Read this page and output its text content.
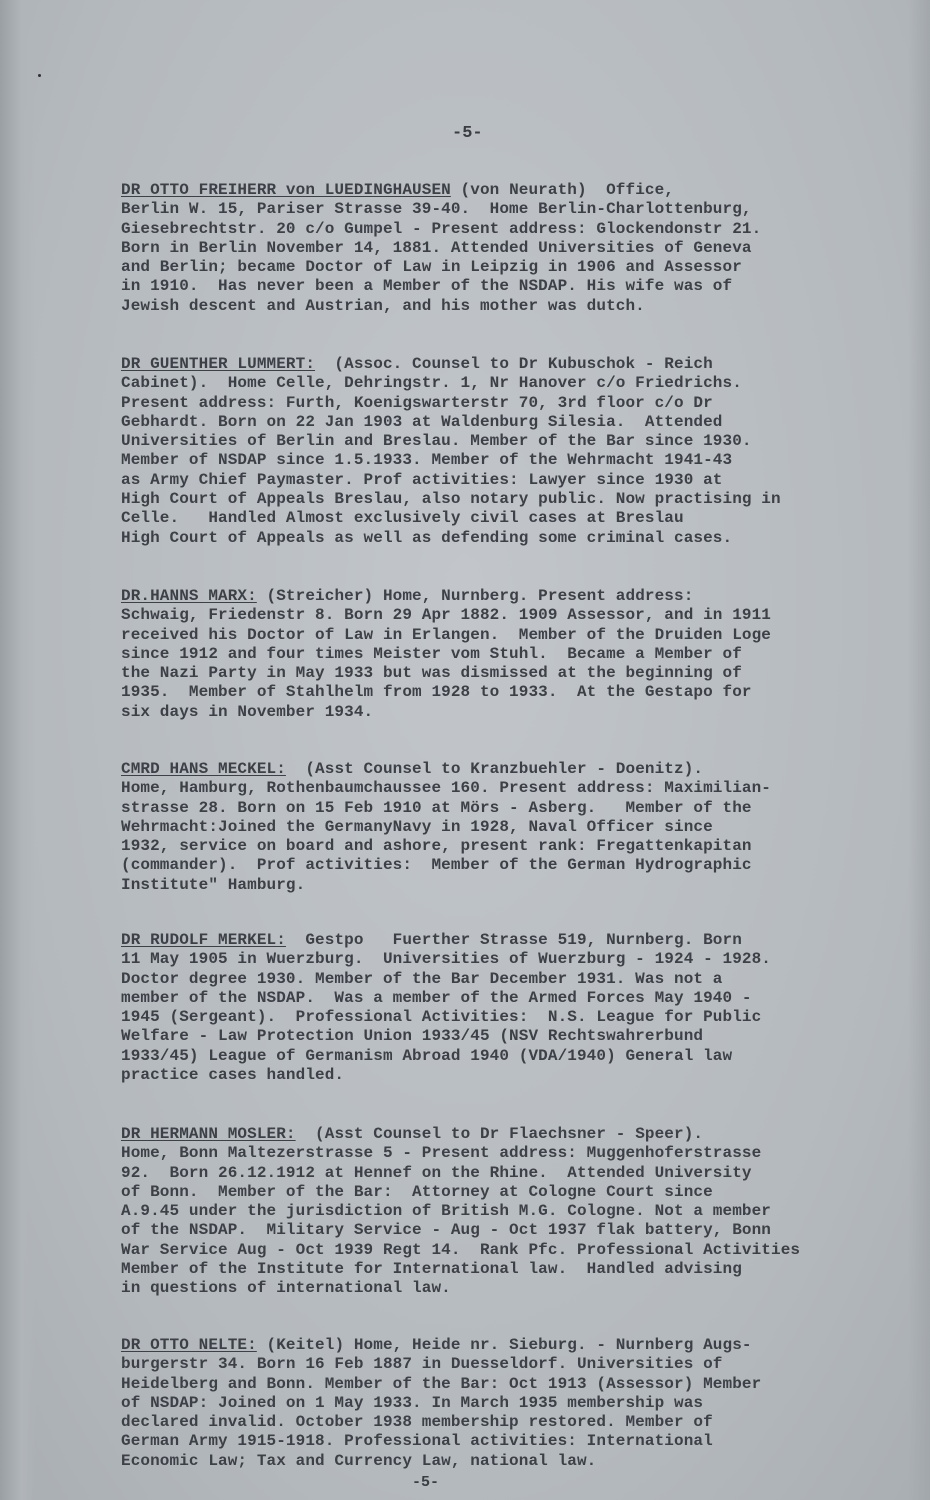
-5-
DR OTTO FREIHERR von LUEDINGHAUSEN (von Neurath)  Office,
Berlin W. 15, Pariser Strasse 39-40.  Home Berlin-Charlottenburg,
Giesebrechtstr. 20 c/o Gumpel - Present address: Glockendonstr 21.
Born in Berlin November 14, 1881. Attended Universities of Geneva
and Berlin; became Doctor of Law in Leipzig in 1906 and Assessor
in 1910.  Has never been a Member of the NSDAP. His wife was of
Jewish descent and Austrian, and his mother was dutch.
DR GUENTHER LUMMERT:  (Assoc. Counsel to Dr Kubuschok - Reich
Cabinet).  Home Celle, Dehringstr. 1, Nr Hanover c/o Friedrichs.
Present address: Furth, Koenigswarterstr 70, 3rd floor c/o Dr
Gebhardt. Born on 22 Jan 1903 at Waldenburg Silesia.  Attended
Universities of Berlin and Breslau. Member of the Bar since 1930.
Member of NSDAP since 1.5.1933. Member of the Wehrmacht 1941-43
as Army Chief Paymaster. Prof activities: Lawyer since 1930 at
High Court of Appeals Breslau, also notary public. Now practising in
Celle.   Handled Almost exclusively civil cases at Breslau
High Court of Appeals as well as defending some criminal cases.
DR.HANNS MARX: (Streicher) Home, Nurnberg. Present address:
Schwaig, Friedenstr 8. Born 29 Apr 1882. 1909 Assessor, and in 1911
received his Doctor of Law in Erlangen.  Member of the Druiden Loge
since 1912 and four times Meister vom Stuhl.  Became a Member of
the Nazi Party in May 1933 but was dismissed at the beginning of
1935.  Member of Stahlhelm from 1928 to 1933.  At the Gestapo for
six days in November 1934.
CMRD HANS MECKEL:  (Asst Counsel to Kranzbuehler - Doenitz).
Home, Hamburg, Rothenbaumchaussee 160. Present address: Maximilian-
strasse 28. Born on 15 Feb 1910 at Mörs - Asberg.   Member of the
Wehrmacht:Joined the GermanyNavy in 1928, Naval Officer since
1932, service on board and ashore, present rank: Fregattenkapitan
(commander).  Prof activities:  Member of the German Hydrographic
Institute" Hamburg.
DR RUDOLF MERKEL:  Gestpo   Fuerther Strasse 519, Nurnberg. Born
11 May 1905 in Wuerzburg.  Universities of Wuerzburg - 1924 - 1928.
Doctor degree 1930. Member of the Bar December 1931. Was not a
member of the NSDAP.  Was a member of the Armed Forces May 1940 -
1945 (Sergeant).  Professional Activities:  N.S. League for Public
Welfare - Law Protection Union 1933/45 (NSV Rechtswahrerbund
1933/45) League of Germanism Abroad 1940 (VDA/1940) General law
practice cases handled.
DR HERMANN MOSLER:  (Asst Counsel to Dr Flaechsner - Speer).
Home, Bonn Maltezerstrasse 5 - Present address: Muggenhoferstrasse
92.  Born 26.12.1912 at Hennef on the Rhine.  Attended University
of Bonn.  Member of the Bar:  Attorney at Cologne Court since
A.9.45 under the jurisdiction of British M.G. Cologne. Not a member
of the NSDAP.  Military Service - Aug - Oct 1937 flak battery, Bonn
War Service Aug - Oct 1939 Regt 14.  Rank Pfc. Professional Activities
Member of the Institute for International law.  Handled advising
in questions of international law.
DR OTTO NELTE: (Keitel) Home, Heide nr. Sieburg. - Nurnberg Augs-
burgerstr 34. Born 16 Feb 1887 in Duesseldorf. Universities of
Heidelberg and Bonn. Member of the Bar: Oct 1913 (Assessor) Member
of NSDAP: Joined on 1 May 1933. In March 1935 membership was
declared invalid. October 1938 membership restored. Member of
German Army 1915-1918. Professional activities: International
Economic Law; Tax and Currency Law, national law.
-5-
